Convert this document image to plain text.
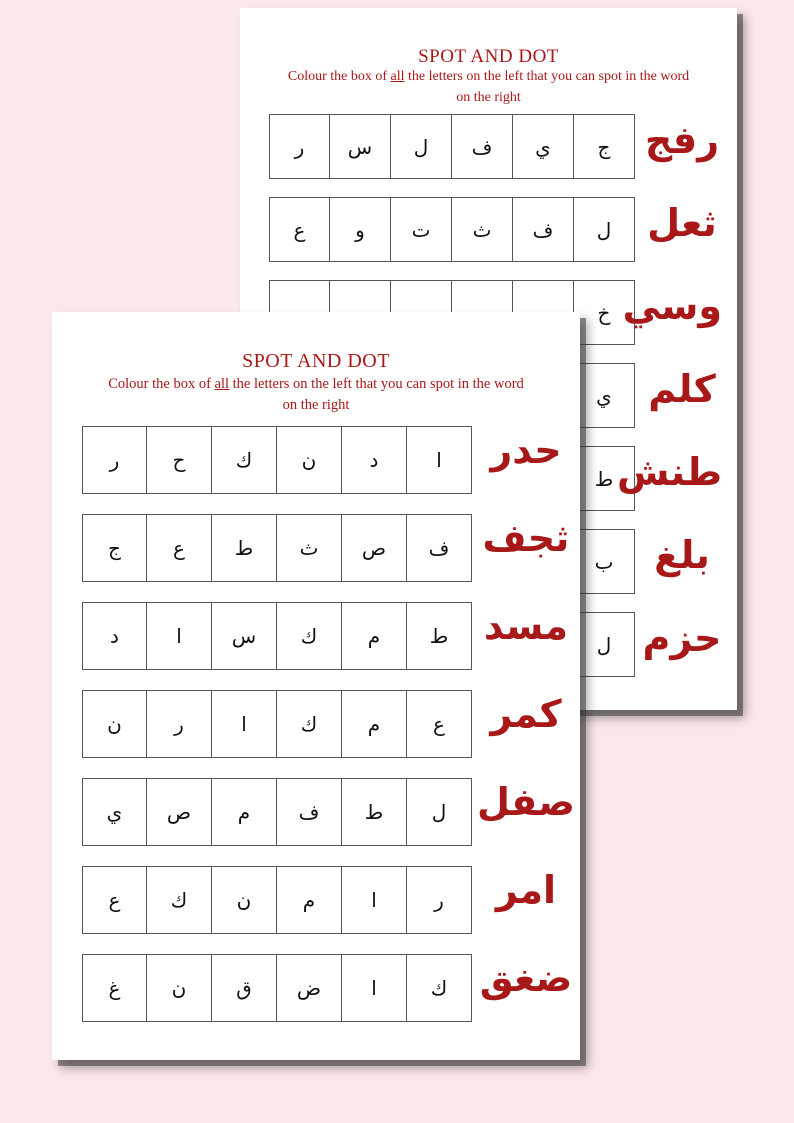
SPOT AND DOT
Colour the box of all the letters on the left that you can spot in the word
on the right
ر	س	ل	ف	ي	ج رفج
ع	و	ت	ث	ف	ل ثعل
خ وسي
ي كلم
ط طنش
ب	بلغ
ل حزم
SPOT AND DOT
Colour the box of all the letters on the left that you can spot in the word
on the right
ر	ح	ك	ن	د	ا	حدر
ج	ع	ط	ث	ص	ف ثجف
د	ا	س	ك	م	ط مسد
ن	ر	ا	ك	م	ع	كمر
ي	ص	م	ف	ط	ل صفل
ع	ك	ن	م	ا	ر	امر
غ	ن	ق	ض	ا	ك ضغق
